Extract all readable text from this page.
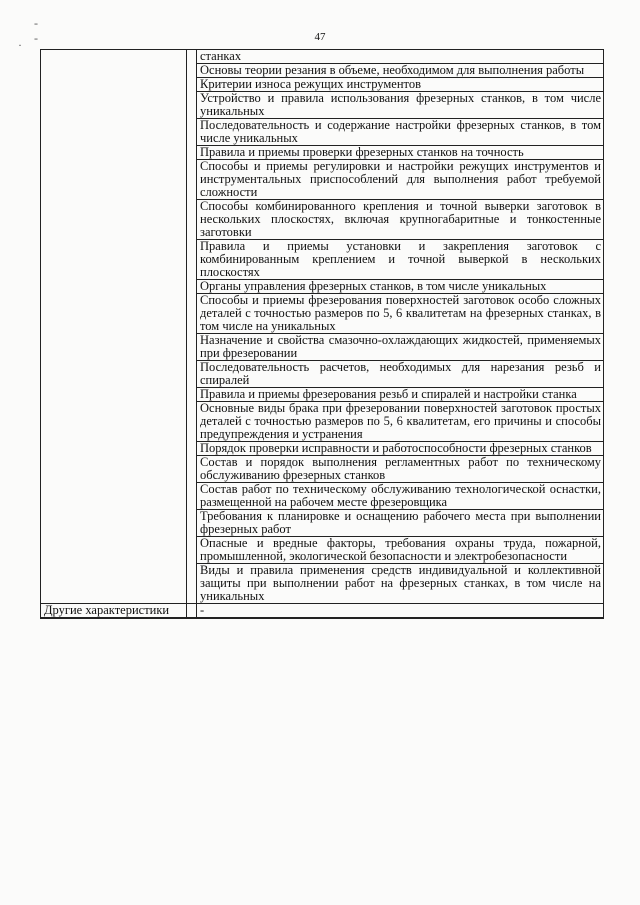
- -
·
47

		станках

		Основы теории резания в объеме, необходимом для выполнения работы

		Критерии износа режущих инструментов

		Устройство и правила использования фрезерных станков, в том числе уникальных

		Последовательность и содержание настройки фрезерных станков, в том числе уникальных

		Правила и приемы проверки фрезерных станков на точность

		Способы и приемы регулировки и настройки режущих инструментов и инструментальных приспособлений для выполнения работ требуемой сложности

		Способы комбинированного крепления и точной выверки заготовок в нескольких плоскостях, включая крупногабаритные и тонкостенные заготовки

		Правила и приемы установки и закрепления заготовок с комбинированным креплением и точной выверкой в нескольких плоскостях

		Органы управления фрезерных станков, в том числе уникальных

		Способы и приемы фрезерования поверхностей заготовок особо сложных деталей с точностью размеров по 5, 6 квалитетам на фрезерных станках, в том числе на уникальных

		Назначение и свойства смазочно-охлаждающих жидкостей, применяемых при фрезеровании

		Последовательность расчетов, необходимых для нарезания резьб и спиралей

		Правила и приемы фрезерования резьб и спиралей и настройки станка

		Основные виды брака при фрезеровании поверхностей заготовок простых деталей с точностью размеров по 5, 6 квалитетам, его причины и способы предупреждения и устранения

		Порядок проверки исправности и работоспособности фрезерных станков

		Состав и порядок выполнения регламентных работ по техническому обслуживанию фрезерных станков

		Состав работ по техническому обслуживанию технологической оснастки, размещенной на рабочем месте фрезеровщика

		Требования к планировке и оснащению рабочего места при выполнении фрезерных работ

		Опасные и вредные факторы, требования охраны труда, пожарной, промышленной, экологической безопасности и электробезопасности

		Виды и правила применения средств индивидуальной и коллективной защиты при выполнении работ на фрезерных станках, в том числе на уникальных

Другие характеристики		-
